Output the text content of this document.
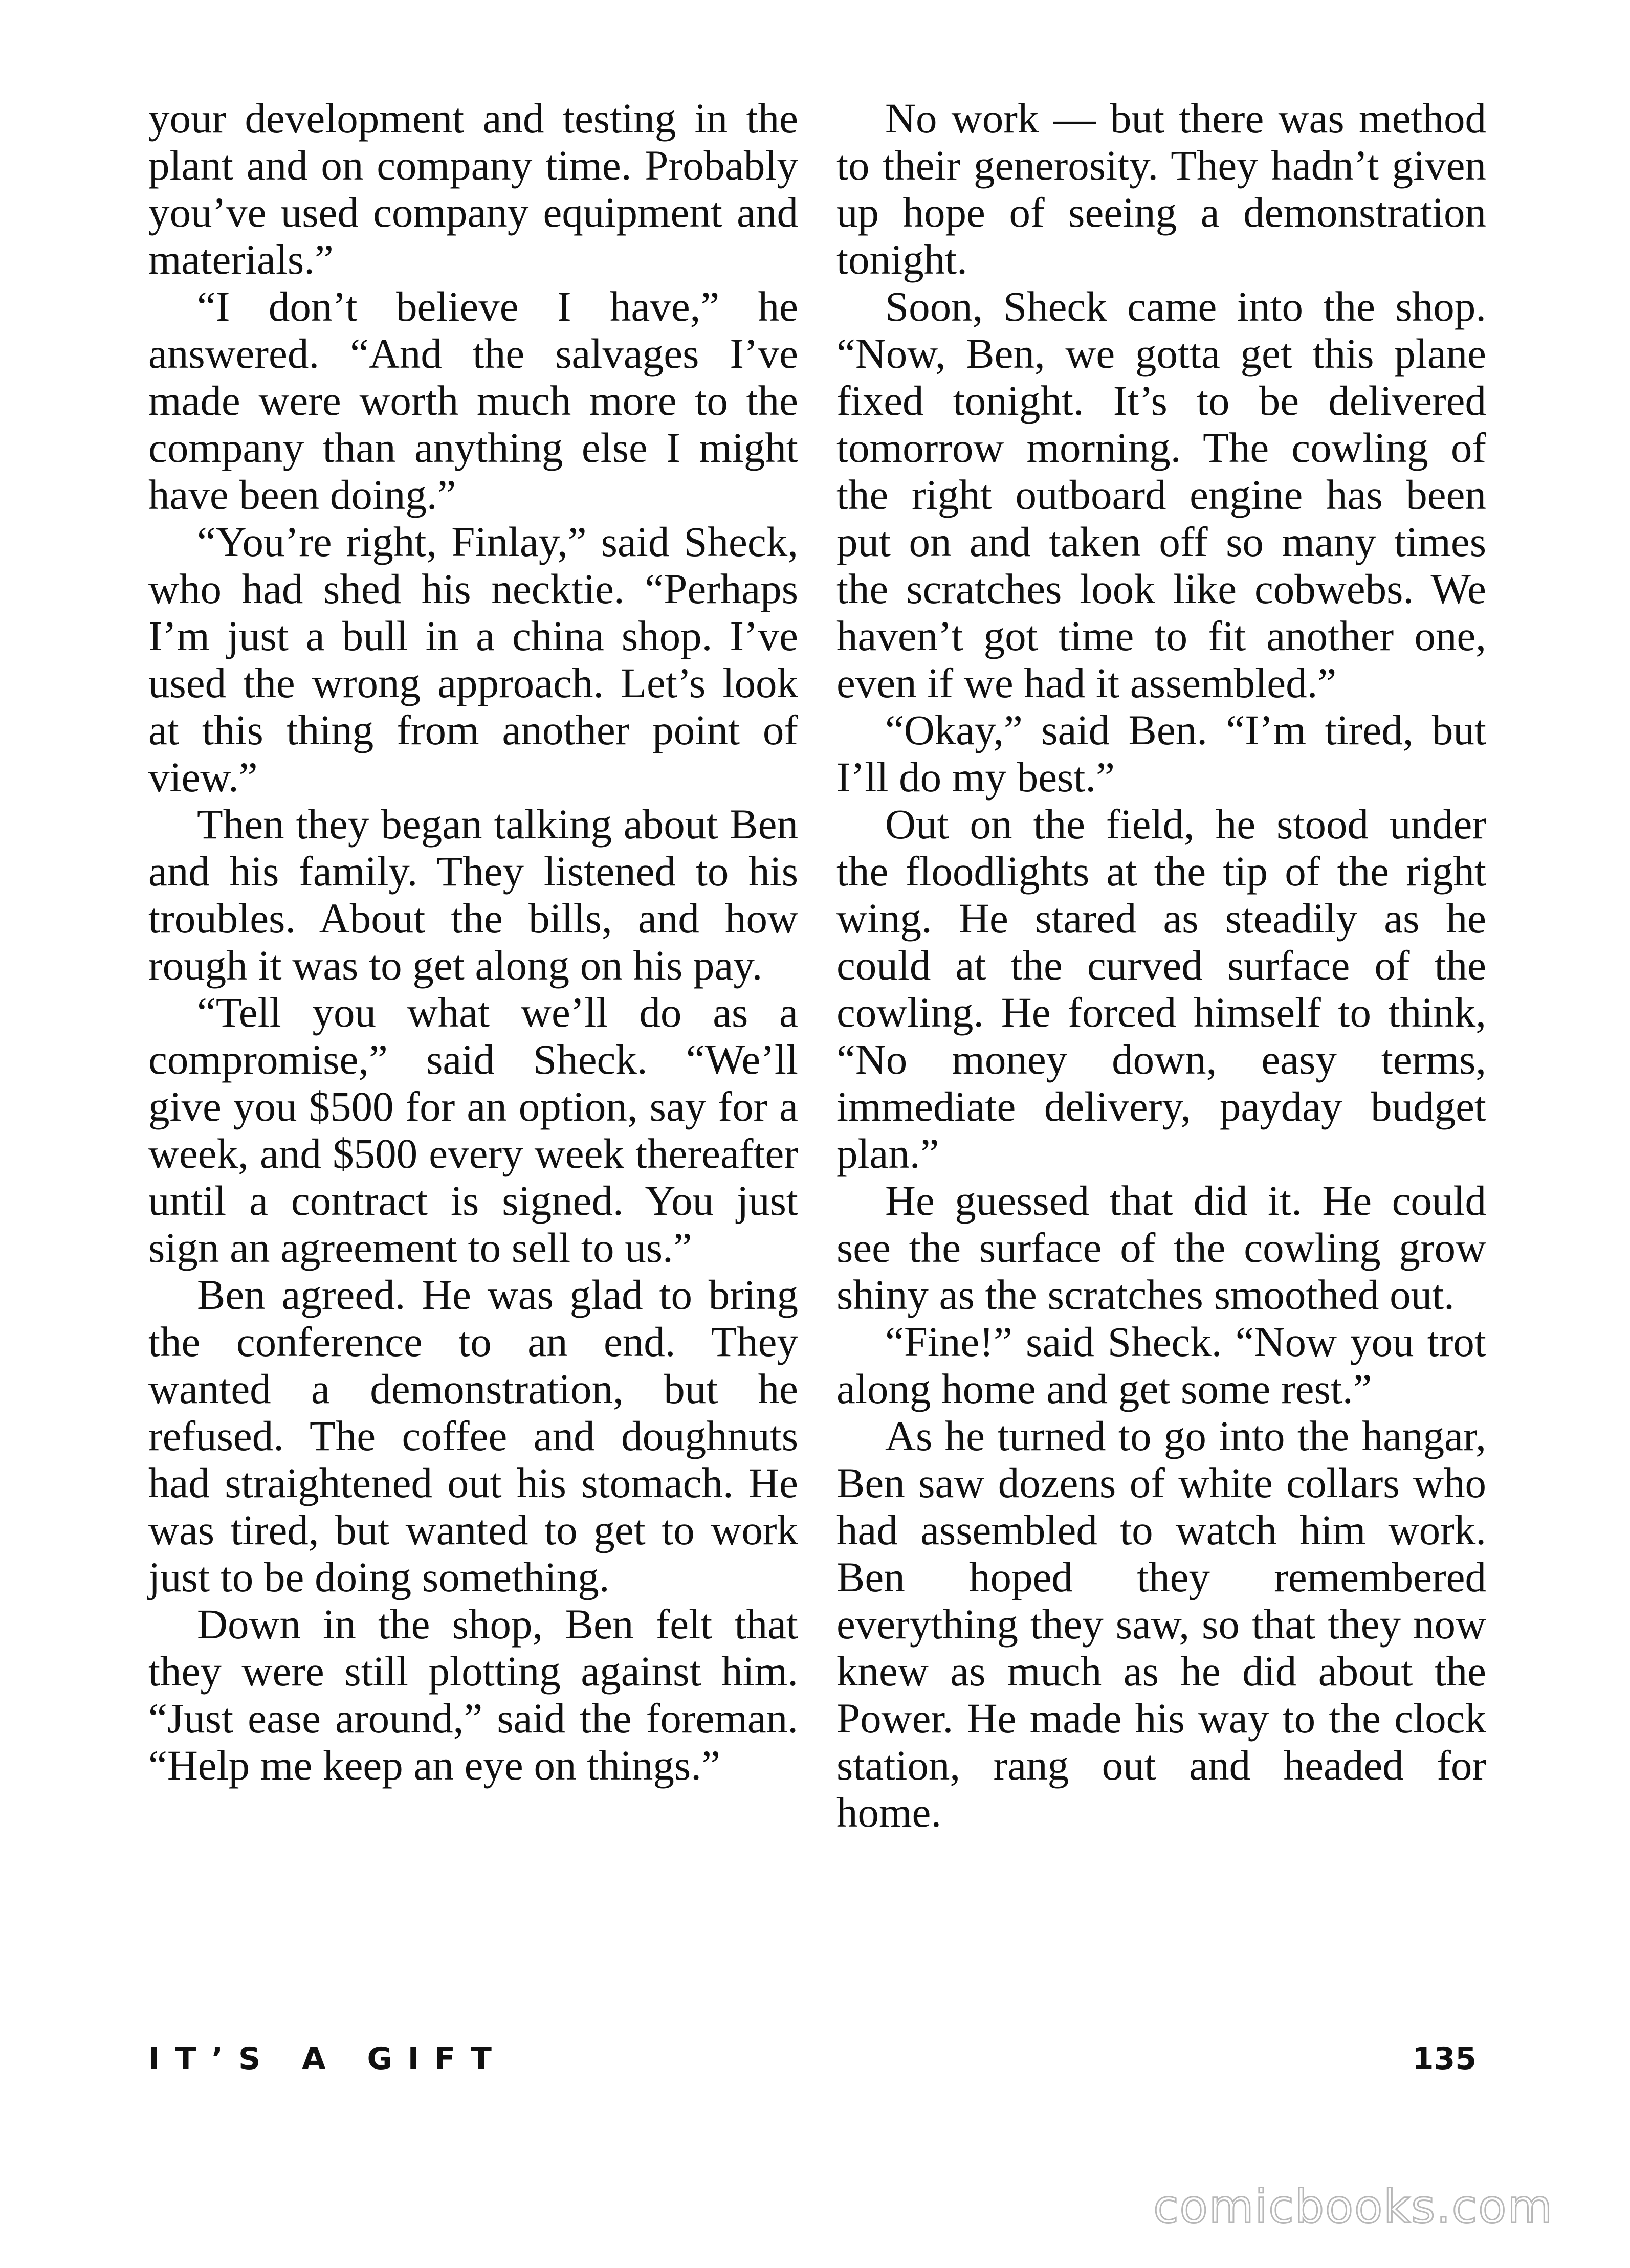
your development and testing in the plant and on company time. Probably you’ve used company equipment and materials.”

“I don’t believe I have,” he answered. “And the salvages I’ve made were worth much more to the company than anything else I might have been doing.”

“You’re right, Finlay,” said Sheck, who had shed his necktie. “Perhaps I’m just a bull in a china shop. I’ve used the wrong approach. Let’s look at this thing from another point of view.”

Then they began talking about Ben and his family. They listened to his troubles. About the bills, and how rough it was to get along on his pay.

“Tell you what we’ll do as a compromise,” said Sheck. “We’ll give you $500 for an option, say for a week, and $500 every week thereafter until a contract is signed. You just sign an agreement to sell to us.”

Ben agreed. He was glad to bring the conference to an end. They wanted a demonstration, but he refused. The coffee and doughnuts had straightened out his stomach. He was tired, but wanted to get to work just to be doing something.

Down in the shop, Ben felt that they were still plotting against him. “Just ease around,” said the foreman. “Help me keep an eye on things.”

No work — but there was method to their generosity. They hadn’t given up hope of seeing a demonstration tonight.

Soon, Sheck came into the shop. “Now, Ben, we gotta get this plane fixed tonight. It’s to be delivered tomorrow morning. The cowling of the right outboard engine has been put on and taken off so many times the scratches look like cobwebs. We haven’t got time to fit another one, even if we had it assembled.”

“Okay,” said Ben. “I’m tired, but I’ll do my best.”

Out on the field, he stood under the floodlights at the tip of the right wing. He stared as steadily as he could at the curved surface of the cowling. He forced himself to think, “No money down, easy terms, immediate delivery, payday budget plan.”

He guessed that did it. He could see the surface of the cowling grow shiny as the scratches smoothed out.

“Fine!” said Sheck. “Now you trot along home and get some rest.”

As he turned to go into the hangar, Ben saw dozens of white collars who had assembled to watch him work. Ben hoped they remembered everything they saw, so that they now knew as much as he did about the Power. He made his way to the clock station, rang out and headed for home.

IT’S A GIFT	135
comicbooks.com
